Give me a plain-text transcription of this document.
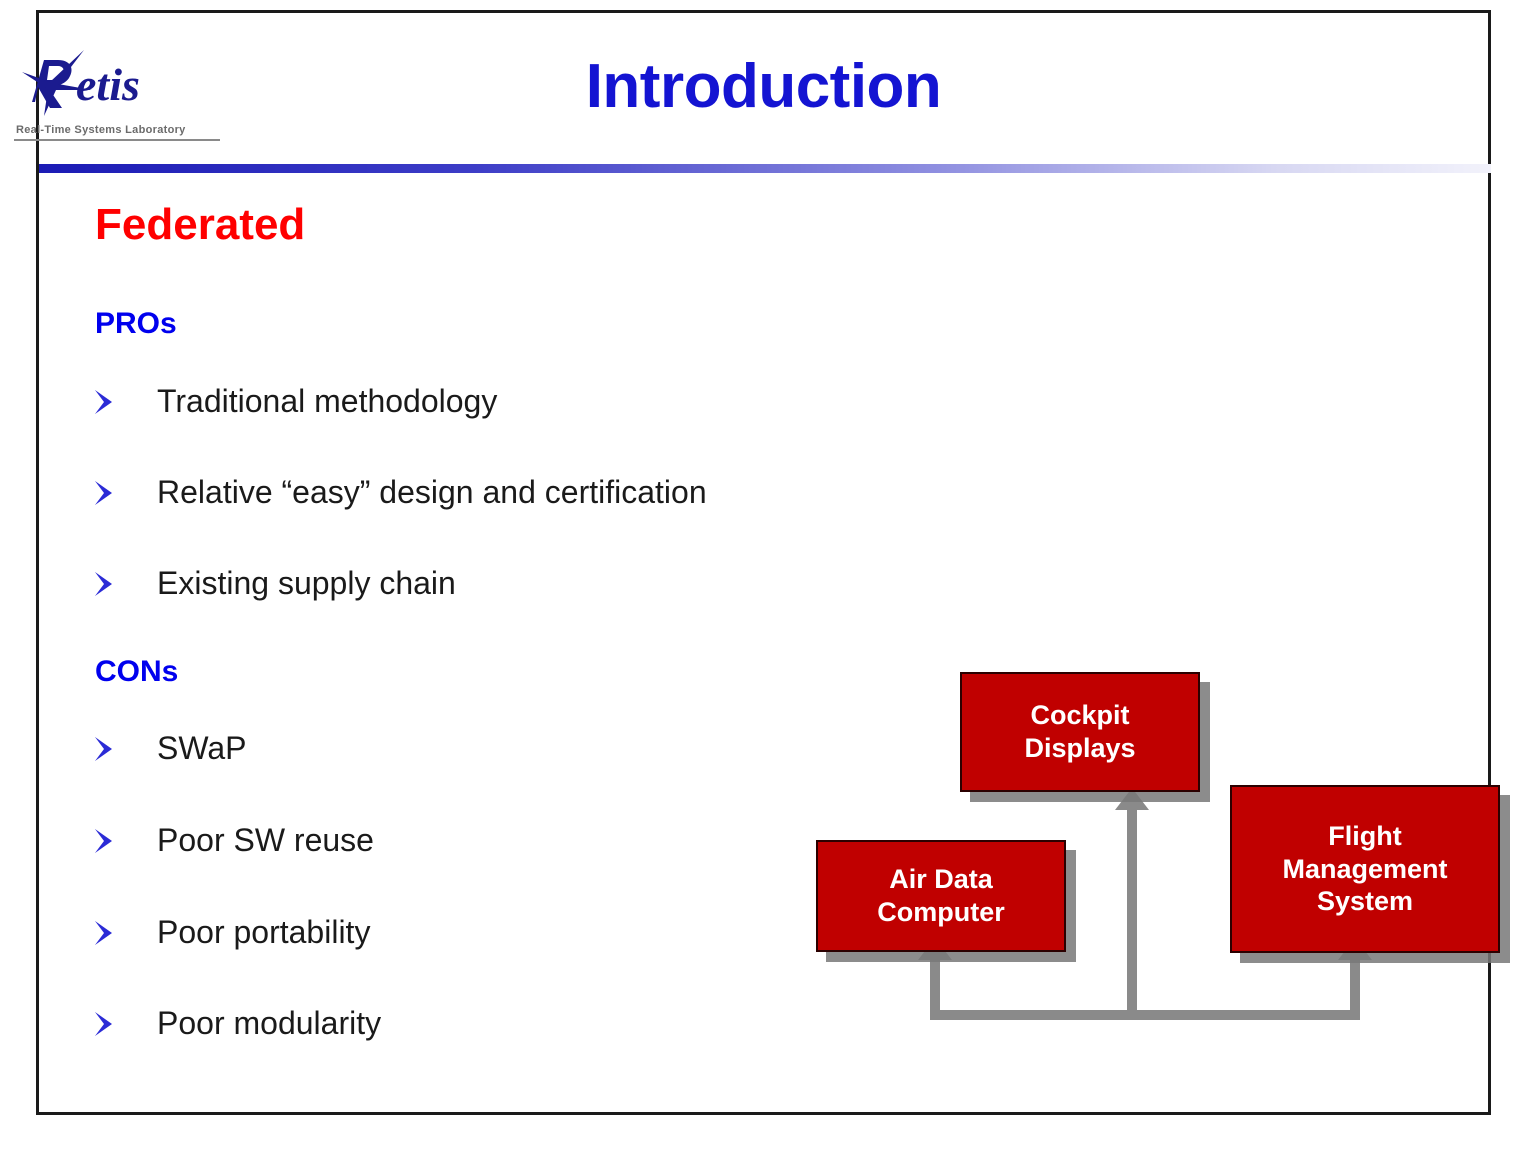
Introduction
etis
Real-Time Systems Laboratory
Federated
PROs
Traditional methodology
Relative “easy” design and certification
Existing supply chain
CONs
SWaP
Poor SW reuse
Poor portability
Poor modularity
Cockpit
Displays
Air Data
Computer
Flight
Management
System
